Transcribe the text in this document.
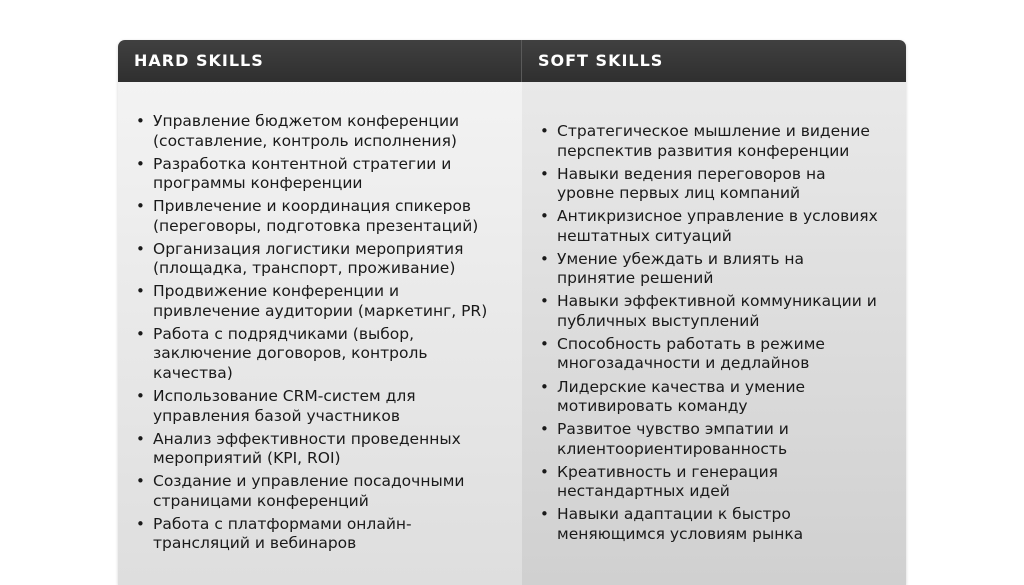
HARD SKILLS
• Управление бюджетом конференции
(составление, контроль исполнения)
• Разработка контентной стратегии и
программы конференции
• Привлечение и координация спикеров
(переговоры, подготовка презентаций)
• Организация логистики мероприятия
(площадка, транспорт, проживание)
• Продвижение конференции и
привлечение аудитории (маркетинг, PR)
• Работа с подрядчиками (выбор,
заключение договоров, контроль
качества)
• Использование CRM-систем для
управления базой участников
• Анализ эффективности проведенных
мероприятий (KPI, ROI)
• Создание и управление посадочными
страницами конференций
• Работа с платформами онлайн-
трансляций и вебинаров
SOFT SKILLS
• Стратегическое мышление и видение
перспектив развития конференции
• Навыки ведения переговоров на
уровне первых лиц компаний
• Антикризисное управление в условиях
нештатных ситуаций
• Умение убеждать и влиять на
принятие решений
• Навыки эффективной коммуникации и
публичных выступлений
• Способность работать в режиме
многозадачности и дедлайнов
• Лидерские качества и умение
мотивировать команду
• Развитое чувство эмпатии и
клиентоориентированность
• Креативность и генерация
нестандартных идей
• Навыки адаптации к быстро
меняющимся условиям рынка
